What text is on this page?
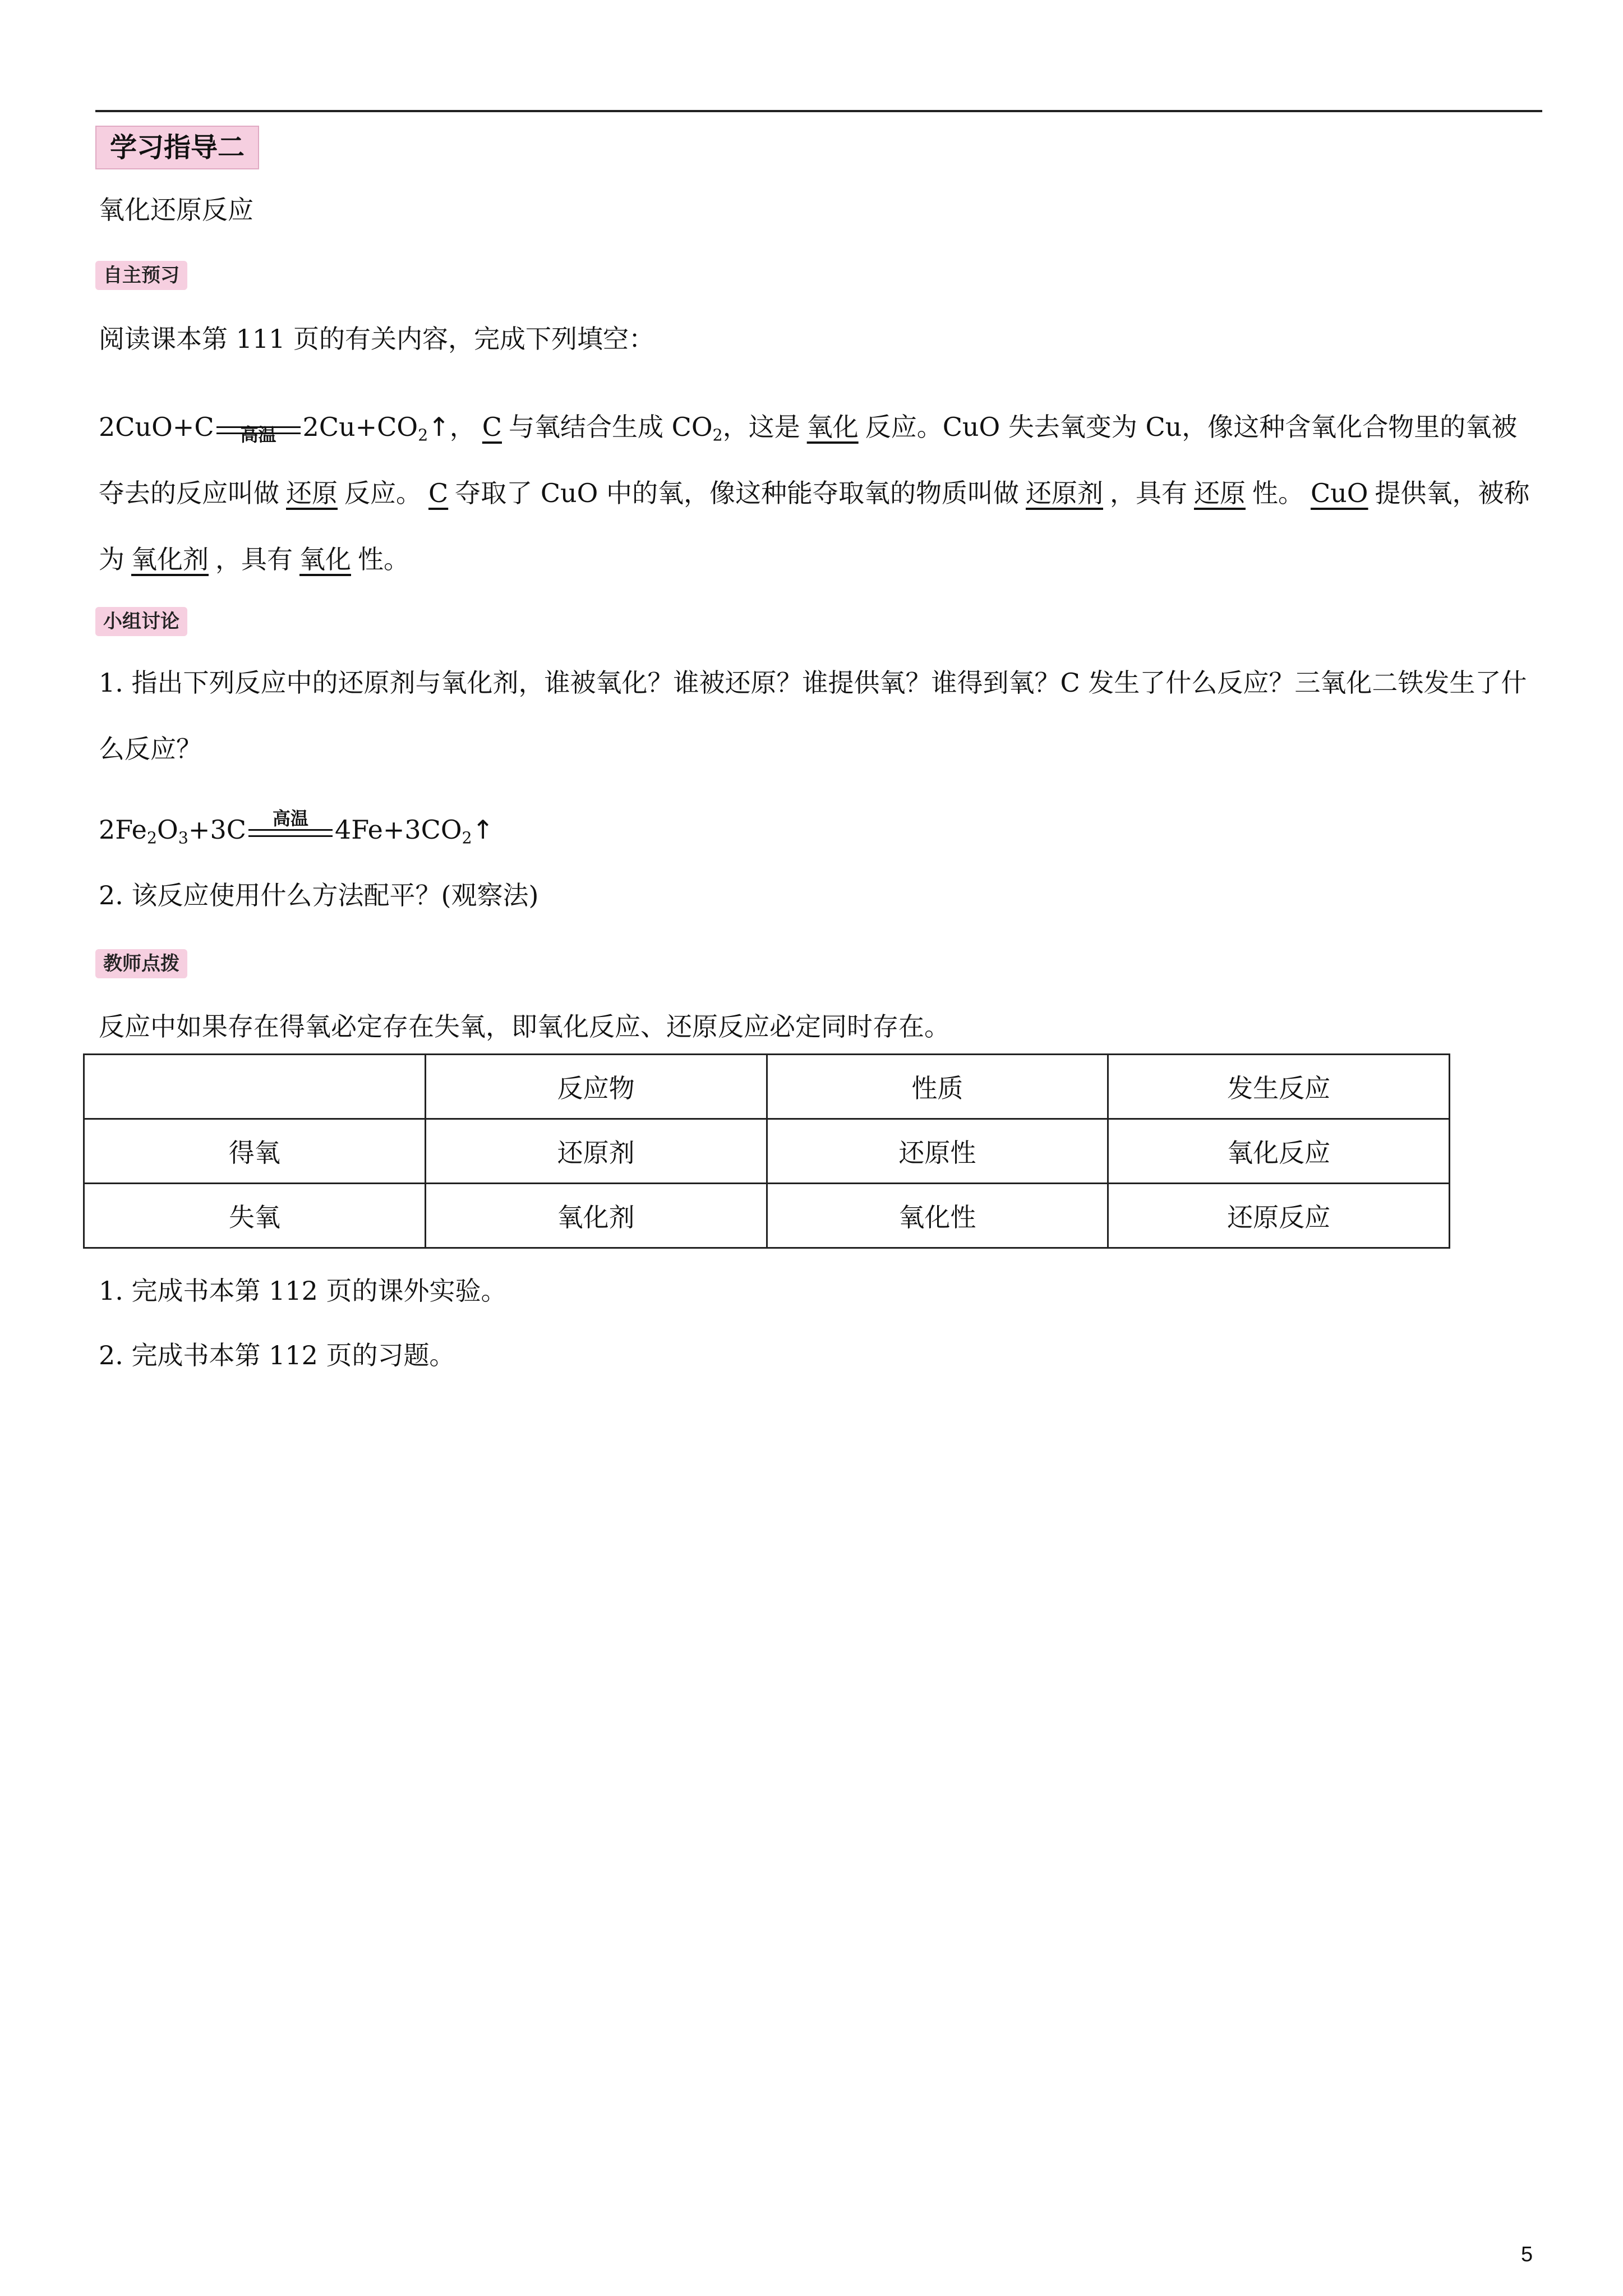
学习指导二
氧化还原反应
自主预习
阅读课本第 111 页的有关内容，完成下列填空：
2CuO+C	高温	$2Cu+CO_2↑$， C 与氧结合生成 $CO_2$，这是 氧化 反应。CuO 失去氧变为 Cu，像这种含氧化合物里的氧被夺去的反应叫做 还原 反应。 C 夺取了 CuO 中的氧，像这种能夺取氧的物质叫做 还原剂 ，具有 还原 性。 CuO 提供氧，被称为 氧化剂 ，具有 氧化 性。
小组讨论
1. 指出下列反应中的还原剂与氧化剂，谁被氧化？谁被还原？谁提供氧？谁得到氧？C 发生了什么反应？三氧化二铁发生了什么反应？
$2Fe_2O_3+3C$	高温	$4Fe+3CO_2↑$
2. 该反应使用什么方法配平？(观察法)
教师点拨
反应中如果存在得氧必定存在失氧，即氧化反应、还原反应必定同时存在。
	反应物	性质	发生反应
得氧	还原剂	还原性	氧化反应
失氧	氧化剂	氧化性	还原反应
1. 完成书本第 112 页的课外实验。
2. 完成书本第 112 页的习题。
5
